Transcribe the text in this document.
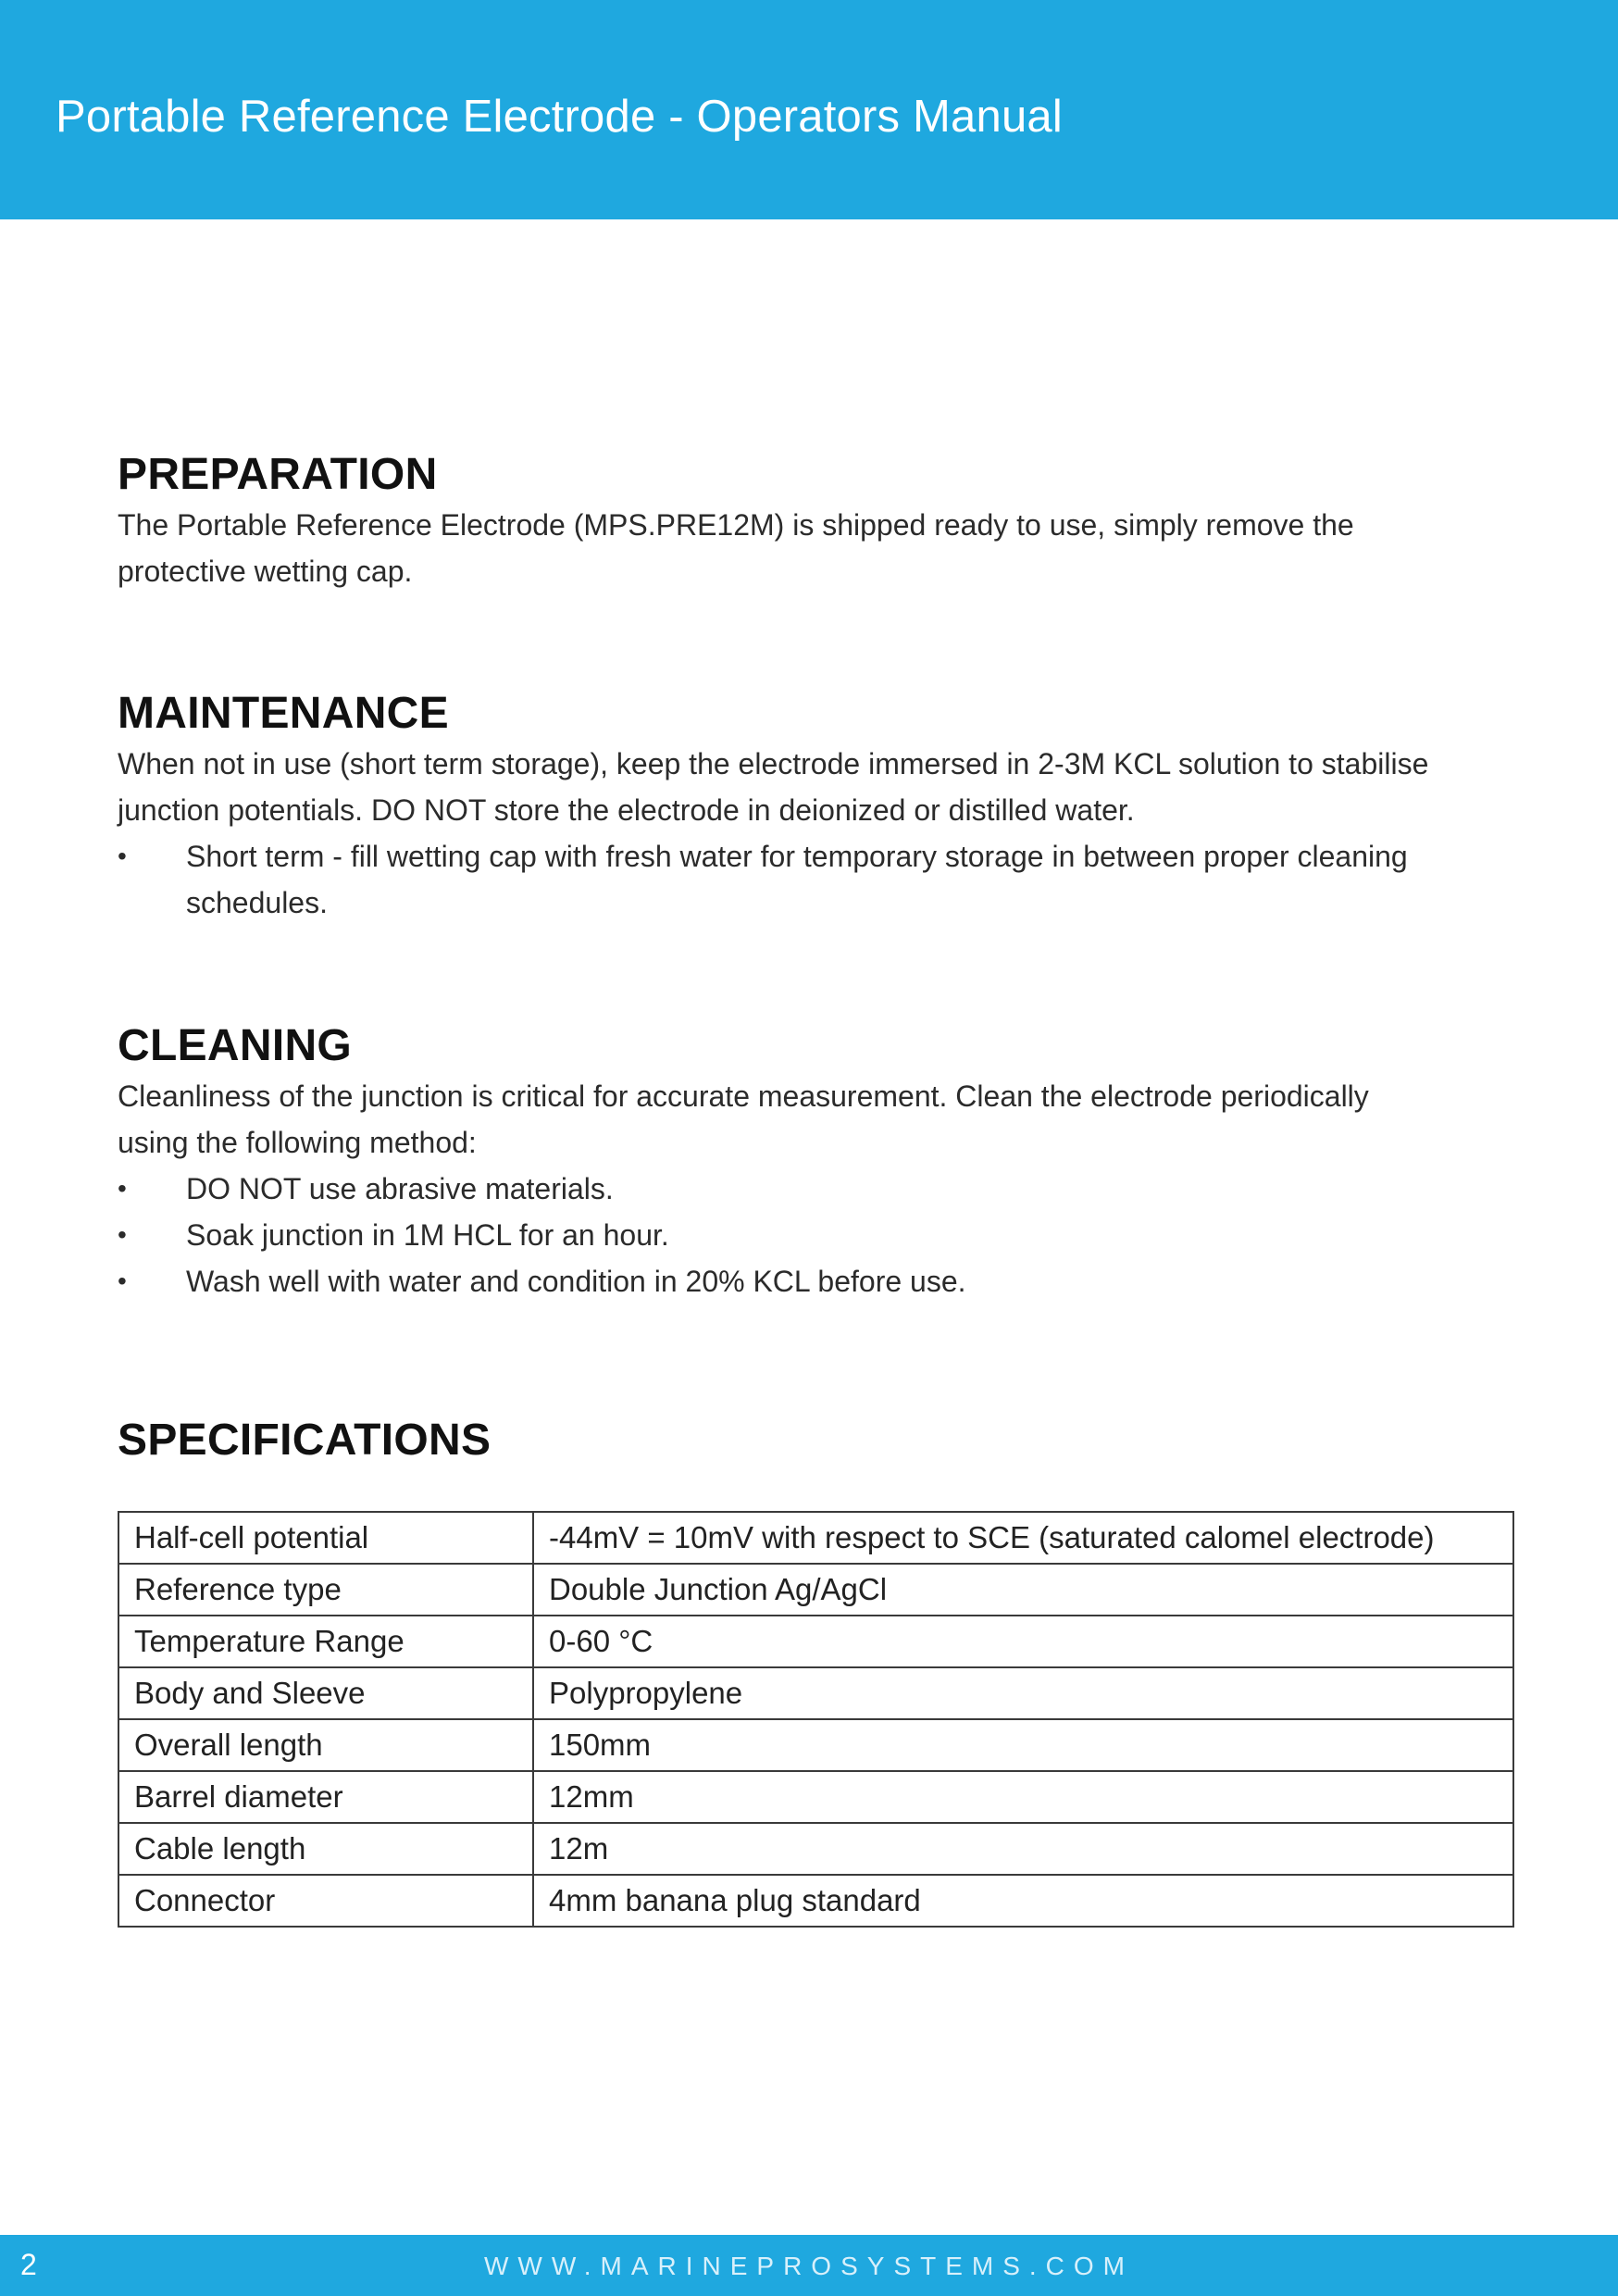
Portable Reference Electrode - Operators Manual
PREPARATION

The Portable Reference Electrode (MPS.PRE12M) is shipped ready to use, simply remove the

protective wetting cap.

MAINTENANCE

When not in use (short term storage), keep the electrode immersed in 2-3M KCL solution to stabilise

junction potentials. DO NOT store the electrode in deionized or distilled water.

•	Short term - fill wetting cap with fresh water for temporary storage in between proper cleaning
schedules.
CLEANING

Cleanliness of the junction is critical for accurate measurement. Clean the electrode periodically

using the following method:

•	DO NOT use abrasive materials.
•	Soak junction in 1M HCL for an hour.
•	Wash well with water and condition in 20% KCL before use.
SPECIFICATIONS
Half-cell potential	-44mV = 10mV with respect to SCE (saturated calomel electrode)
Reference type	Double Junction Ag/AgCl
Temperature Range	0-60 °C
Body and Sleeve	Polypropylene
Overall length	150mm
Barrel diameter	12mm
Cable length	12m
Connector	4mm banana plug standard
2	WWW.MARINEPROSYSTEMS.COM
